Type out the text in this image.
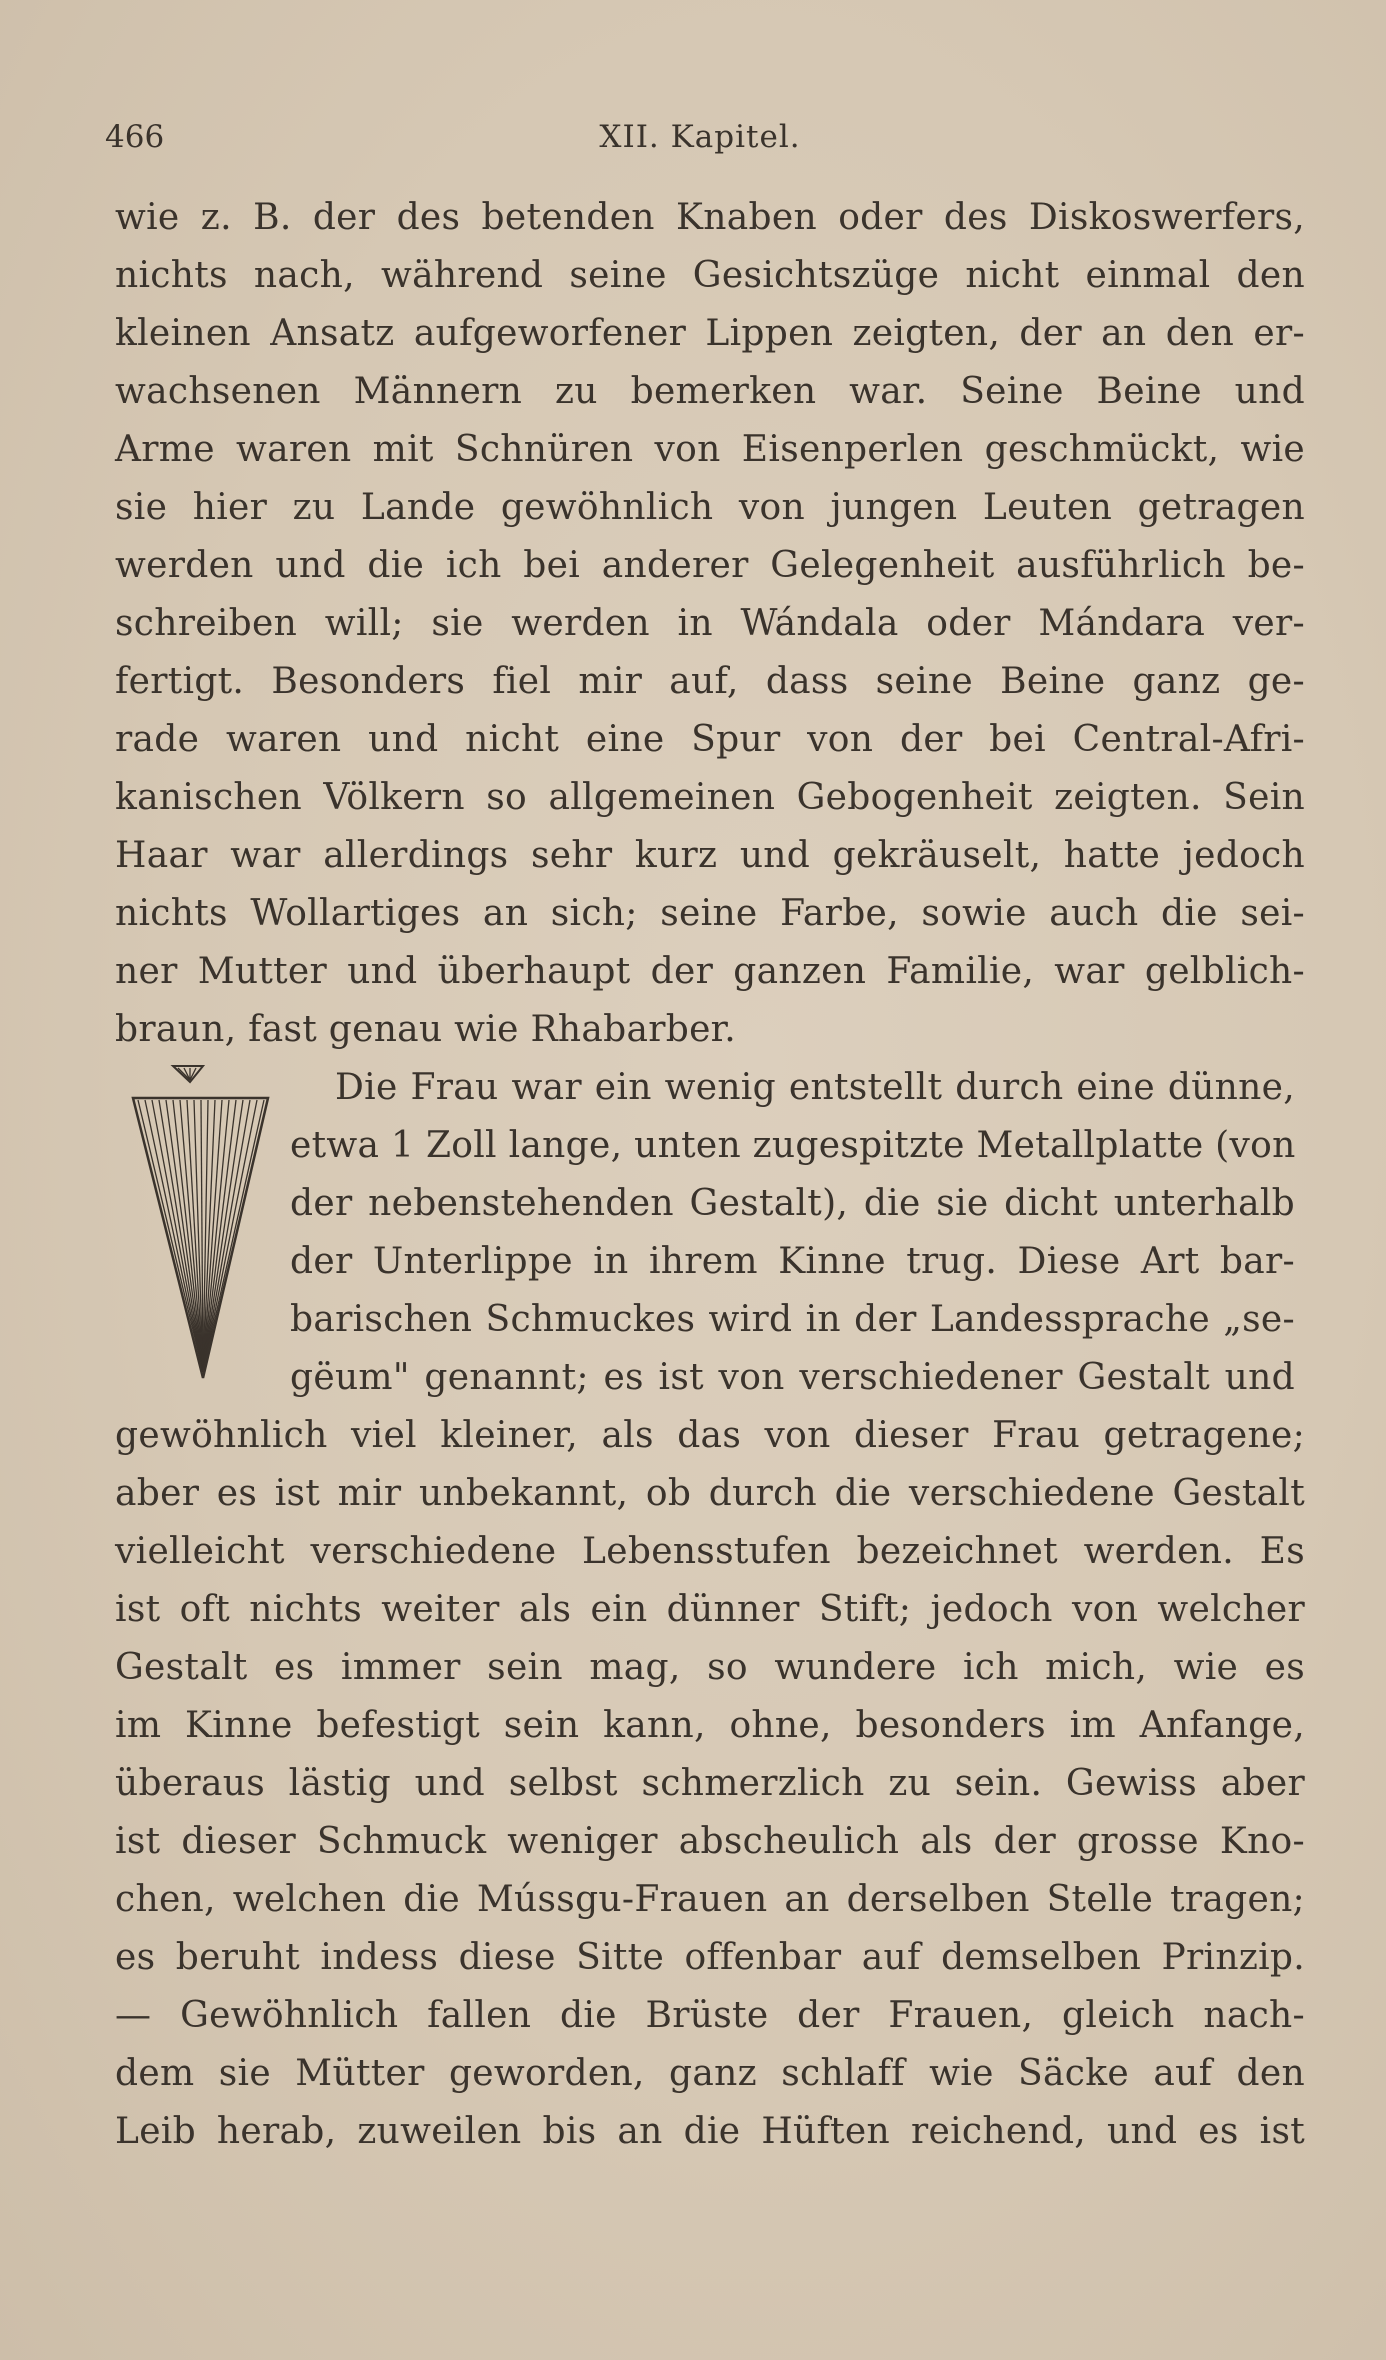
466	XII. Kapitel.
wie z. B. der des betenden Knaben oder des Diskoswerfers,
nichts nach, während seine Gesichtszüge nicht einmal den
kleinen Ansatz aufgeworfener Lippen zeigten, der an den er-
wachsenen Männern zu bemerken war. Seine Beine und
Arme waren mit Schnüren von Eisenperlen geschmückt, wie
sie hier zu Lande gewöhnlich von jungen Leuten getragen
werden und die ich bei anderer Gelegenheit ausführlich be-
schreiben will; sie werden in Wándala oder Mándara ver-
fertigt. Besonders fiel mir auf, dass seine Beine ganz ge-
rade waren und nicht eine Spur von der bei Central-Afri-
kanischen Völkern so allgemeinen Gebogenheit zeigten. Sein
Haar war allerdings sehr kurz und gekräuselt, hatte jedoch
nichts Wollartiges an sich; seine Farbe, sowie auch die sei-
ner Mutter und überhaupt der ganzen Familie, war gelblich-
braun, fast genau wie Rhabarber.
Die Frau war ein wenig entstellt durch eine dünne,
etwa 1 Zoll lange, unten zugespitzte Metallplatte (von
der nebenstehenden Gestalt), die sie dicht unterhalb
der Unterlippe in ihrem Kinne trug. Diese Art bar-
barischen Schmuckes wird in der Landessprache „se-
gëum" genannt; es ist von verschiedener Gestalt und
gewöhnlich viel kleiner, als das von dieser Frau getragene;
aber es ist mir unbekannt, ob durch die verschiedene Gestalt
vielleicht verschiedene Lebensstufen bezeichnet werden. Es
ist oft nichts weiter als ein dünner Stift; jedoch von welcher
Gestalt es immer sein mag, so wundere ich mich, wie es
im Kinne befestigt sein kann, ohne, besonders im Anfange,
überaus lästig und selbst schmerzlich zu sein. Gewiss aber
ist dieser Schmuck weniger abscheulich als der grosse Kno-
chen, welchen die Mússgu-Frauen an derselben Stelle tragen;
es beruht indess diese Sitte offenbar auf demselben Prinzip.
— Gewöhnlich fallen die Brüste der Frauen, gleich nach-
dem sie Mütter geworden, ganz schlaff wie Säcke auf den
Leib herab, zuweilen bis an die Hüften reichend, und es ist
